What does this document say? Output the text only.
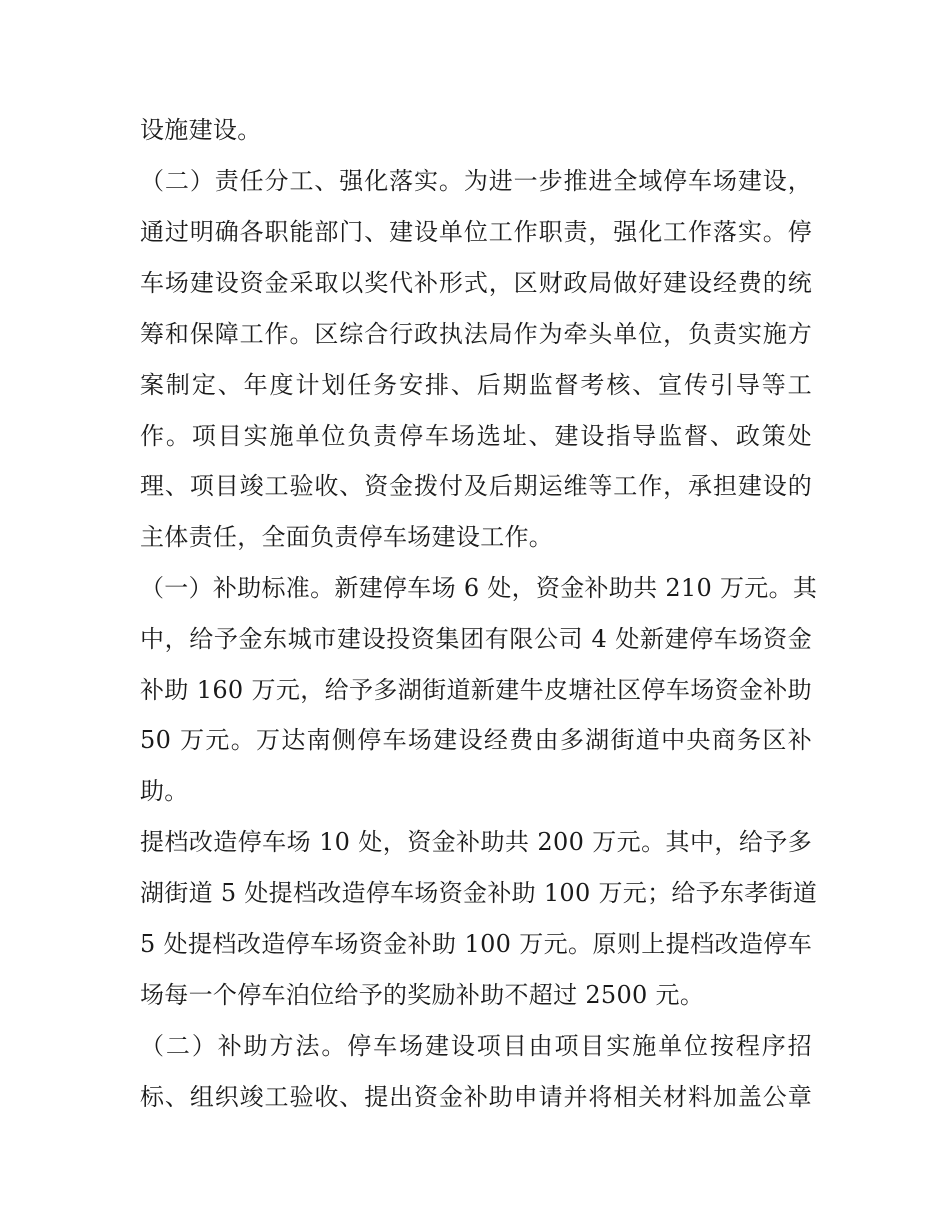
设施建设。
（二）责任分工、强化落实。为进一步推进全域停车场建设，
通过明确各职能部门、建设单位工作职责，强化工作落实。停
车场建设资金采取以奖代补形式，区财政局做好建设经费的统
筹和保障工作。区综合行政执法局作为牵头单位，负责实施方
案制定、年度计划任务安排、后期监督考核、宣传引导等工
作。项目实施单位负责停车场选址、建设指导监督、政策处
理、项目竣工验收、资金拨付及后期运维等工作，承担建设的
主体责任，全面负责停车场建设工作。
（一）补助标准。新建停车场 6 处，资金补助共 210 万元。其
中，给予金东城市建设投资集团有限公司 4 处新建停车场资金
补助 160 万元，给予多湖街道新建牛皮塘社区停车场资金补助
50 万元。万达南侧停车场建设经费由多湖街道中央商务区补
助。
提档改造停车场 10 处，资金补助共 200 万元。其中，给予多
湖街道 5 处提档改造停车场资金补助 100 万元；给予东孝街道
5 处提档改造停车场资金补助 100 万元。原则上提档改造停车
场每一个停车泊位给予的奖励补助不超过 2500 元。
（二）补助方法。停车场建设项目由项目实施单位按程序招
标、组织竣工验收、提出资金补助申请并将相关材料加盖公章
